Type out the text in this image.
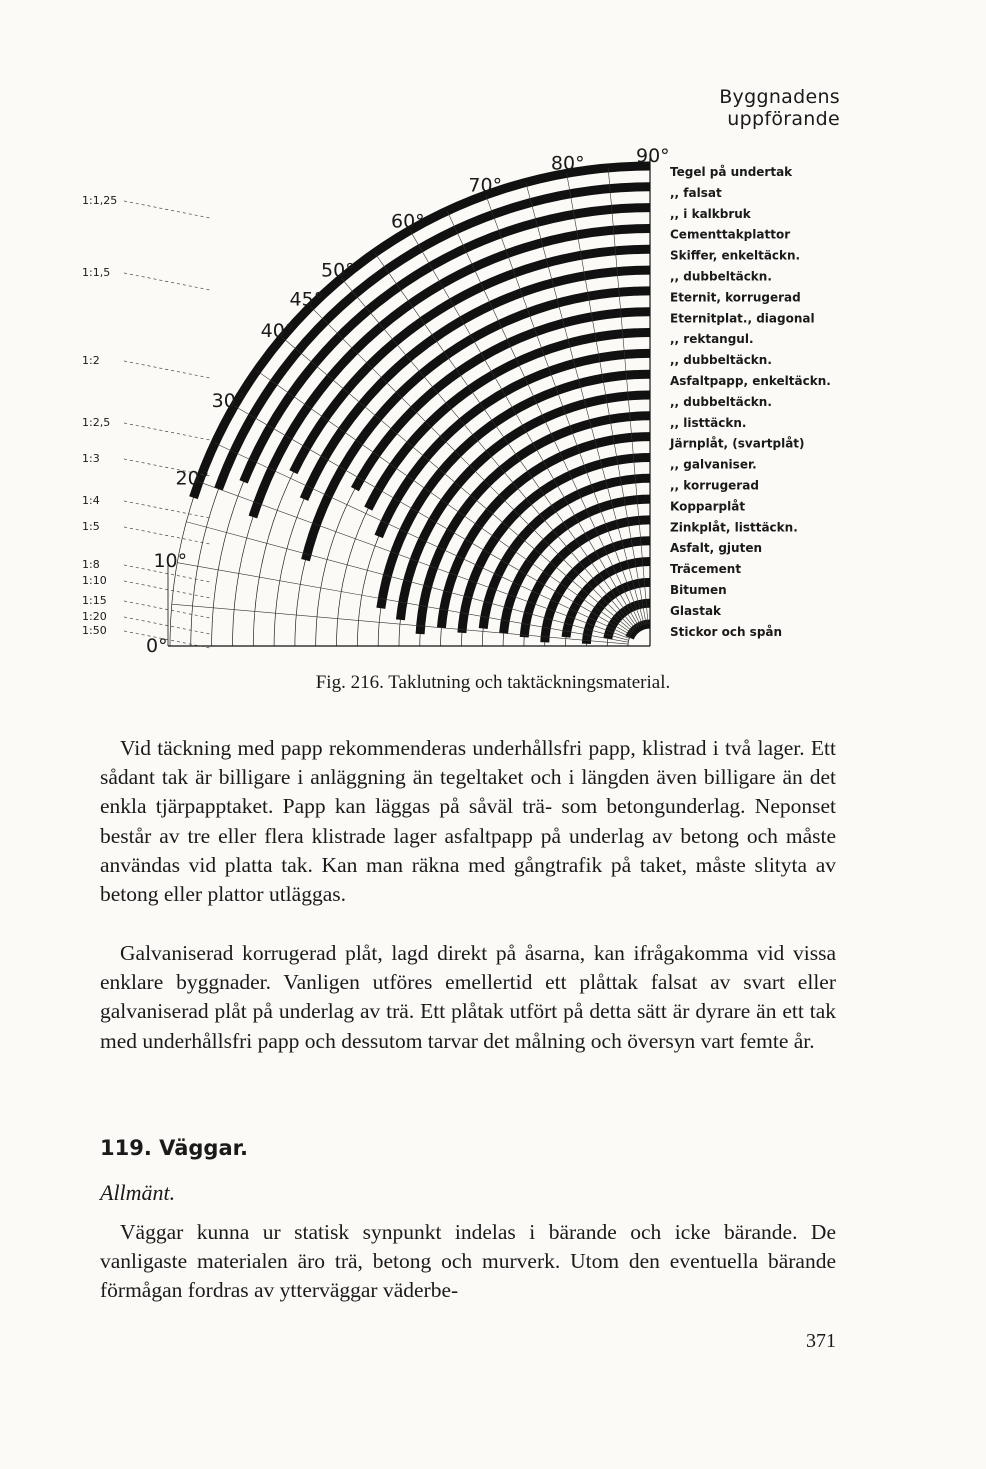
Byggnadens uppförande
0°
10°
20°
30°
40°
45°
50°
60°
70°
80°	90°
1:1,25
1:1,5
1:2
1:2,5
1:3
1:4
1:5
1:8
1:10
1:15
1:20
1:50
Tegel på undertak
,, falsat
,, i kalkbruk
Cementtakplattor
Skiffer, enkeltäckn.
,, dubbeltäckn.
Eternit, korrugerad
Eternitplat., diagonal
,, rektangul.
,, dubbeltäckn.
Asfaltpapp, enkeltäckn.
,, dubbeltäckn.
,, listtäckn.
Järnplåt, (svartplåt)
,, galvaniser.
,, korrugerad
Kopparplåt
Zinkplåt, listtäckn.
Asfalt, gjuten
Träcement
Bitumen
Glastak
Stickor och spån
Fig. 216. Taklutning och taktäckningsmaterial.

Vid täckning med papp rekommenderas underhållsfri papp, klistrad i två lager. Ett sådant tak är billigare i anläggning än tegeltaket och i längden även billigare än det enkla tjärpapptaket. Papp kan läggas på såväl trä- som betongunderlag. Neponset består av tre eller flera klistrade lager asfaltpapp på underlag av betong och måste användas vid platta tak. Kan man räkna med gångtrafik på taket, måste slityta av betong eller plattor utläggas.

Galvaniserad korrugerad plåt, lagd direkt på åsarna, kan ifrågakomma vid vissa enklare byggnader. Vanligen utföres emellertid ett plåttak falsat av svart eller galvaniserad plåt på underlag av trä. Ett plåtak utfört på detta sätt är dyrare än ett tak med underhållsfri papp och dessutom tarvar det målning och översyn vart femte år.

119. Väggar.
Allmänt.

Väggar kunna ur statisk synpunkt indelas i bärande och icke bärande. De vanligaste materialen äro trä, betong och murverk. Utom den eventuella bärande förmågan fordras av ytterväggar väderbe-

371
